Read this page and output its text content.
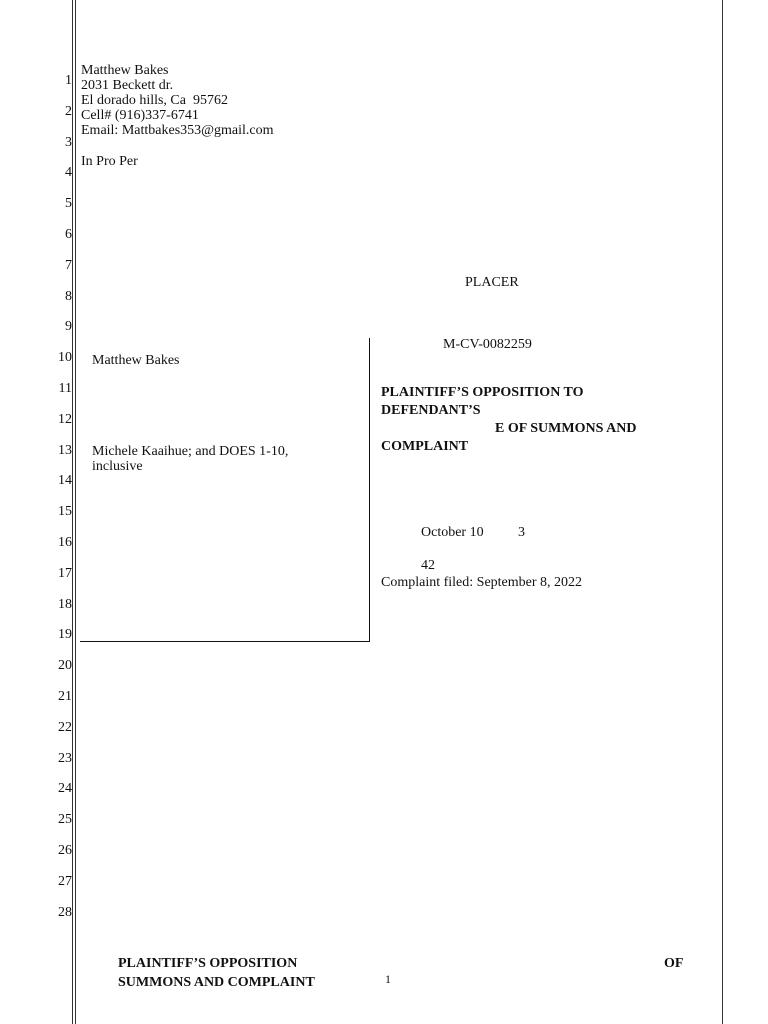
1
2
3
4
5
6
7
8
9
10
11
12
13
14
15
16
17
18
19
20
21
22
23
24
25
26
27
28
Matthew Bakes
2031 Beckett dr.
El dorado hills, Ca  95762
Cell# (916)337-6741
Email: Mattbakes353@gmail.com
In Pro Per
PLACER
Matthew Bakes
Michele Kaaihue; and DOES 1-10,
inclusive
M-CV-0082259
PLAINTIFF’S OPPOSITION TO
DEFENDANT’S
E OF SUMMONS AND
COMPLAINT
October 10 3
42
Complaint filed: September 8, 2022
PLAINTIFF’S OPPOSITION	OF
SUMMONS AND COMPLAINT	1
